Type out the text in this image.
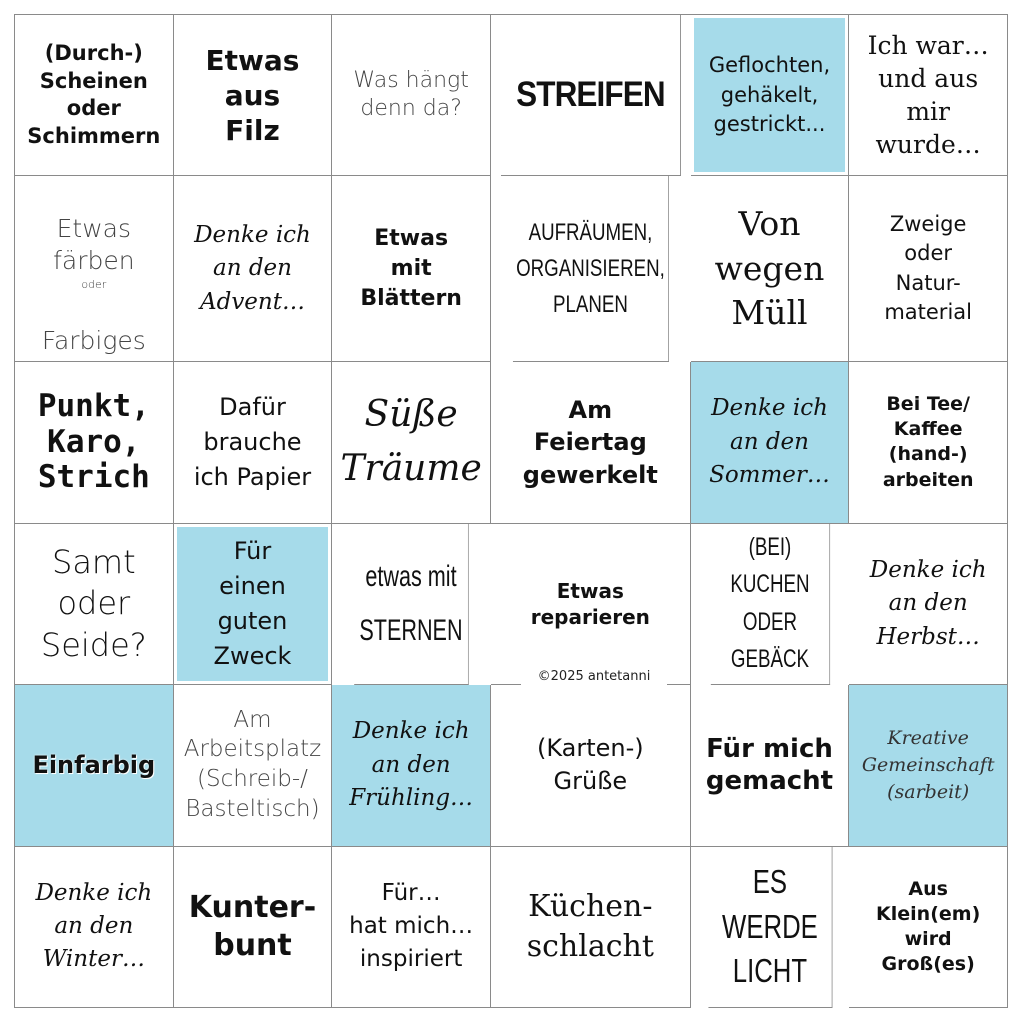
(Durch-)
Scheinen
oder
Schimmern
Etwas
aus
Filz
Was hängt
denn da?	STREIFEN
Geflochten,
gehäkelt,
gestrickt...
Ich war…
und aus
mir
wurde…

Etwas
färben

oder

Farbiges

Denke ich
an den
Advent…
Etwas
mit
Blättern
AUFRÄUMEN,
ORGANISIEREN,
PLANEN
Von
wegen
Müll
Zweige
oder
Natur-
material
Punkt,
Karo,
Strich
Dafür
brauche
ich Papier
Süße
Träume
Am
Feiertag
gewerkelt
Denke ich
an den
Sommer…
Bei Tee/
Kaffee
(hand-)
arbeiten
Samt
oder
Seide?
Für
einen
guten
Zweck
etwas mit
STERNEN
Etwas
reparieren
(BEI) KUCHEN
ODER GEBÄCK
Denke ich
an den
Herbst…
Einfarbig
Am
Arbeitsplatz
(Schreib-/
Basteltisch)
Denke ich
an den
Frühling…
(Karten-)
Grüße
Für mich
gemacht
Kreative
Gemeinschaft
(sarbeit)
Denke ich
an den
Winter…
Kunter-
bunt
Für…
hat mich…
inspiriert
Küchen-
schlacht
ES WERDE
LICHT
Aus
Klein(em)
wird
Groß(es)
©2025 antetanni
